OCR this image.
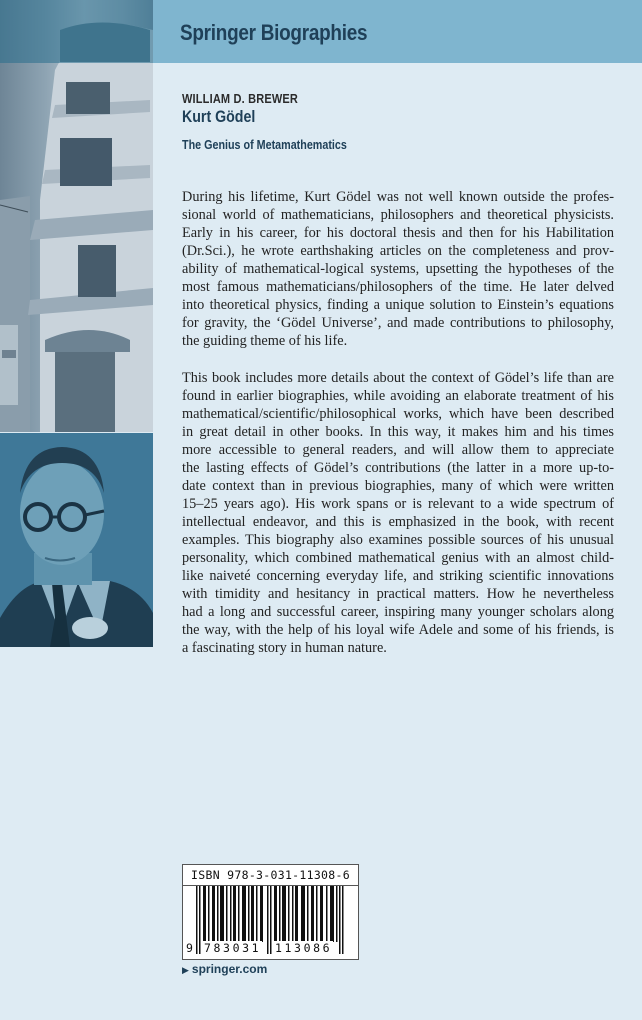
Springer Biographies
WILLIAM D. BREWER
Kurt Gödel
The Genius of Metamathematics
During his lifetime, Kurt Gödel was not well known outside the profes-
sional world of mathematicians, philosophers and theoretical physicists.
Early in his career, for his doctoral thesis and then for his Habilitation
(Dr.Sci.), he wrote earthshaking articles on the completeness and prov-
ability of mathematical-logical systems, upsetting the hypotheses of the
most famous mathematicians/philosophers of the time. He later delved
into theoretical physics, finding a unique solution to Einstein’s equations
for gravity, the ‘Gödel Universe’, and made contributions to philosophy,
the guiding theme of his life.
This book includes more details about the context of Gödel’s life than are
found in earlier biographies, while avoiding an elaborate treatment of his
mathematical/scientific/philosophical works, which have been described
in great detail in other books. In this way, it makes him and his times
more accessible to general readers, and will allow them to appreciate
the lasting effects of Gödel’s contributions (the latter in a more up-to-
date context than in previous biographies, many of which were written
15–25 years ago). His work spans or is relevant to a wide spectrum of
intellectual endeavor, and this is emphasized in the book, with recent
examples. This biography also examines possible sources of his unusual
personality, which combined mathematical genius with an almost child-
like naiveté concerning everyday life, and striking scientific innovations
with timidity and hesitancy in practical matters. How he nevertheless
had a long and successful career, inspiring many younger scholars along
the way, with the help of his loyal wife Adele and some of his friends, is
a fascinating story in human nature.
ISBN 978-3-031-11308-6
9 783031 113086
▶ springer.com
